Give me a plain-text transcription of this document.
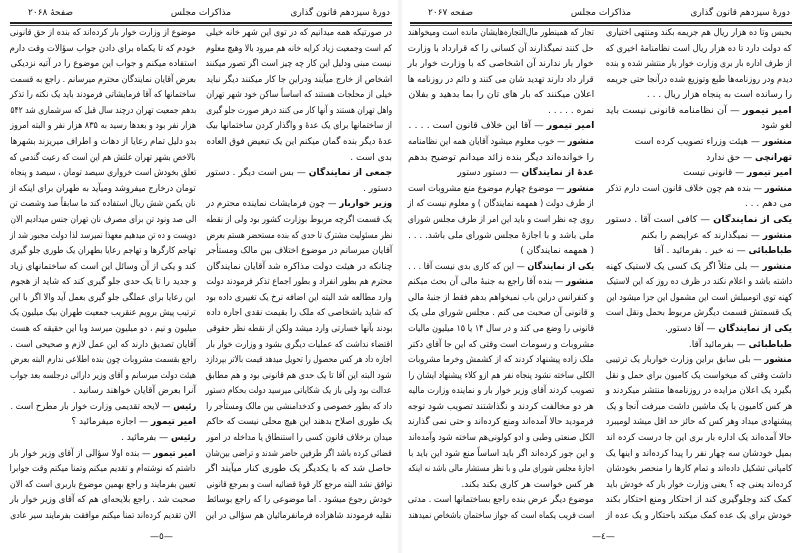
دورهٔ سیزدهم قانون گذاری
مذاکرات مجلس
صفحهٔ ۲۰۶۸
در صورتیکه همه میدانیم که در توی این شهر خانه خیلی
کم است وجمعیت زیاد کرایه خانه هم میرود بالا وهیچ معلوم
نیست مبنی ودلیل این کار چه چیز است اگر تصور میکنند
اشخاص از خارج میآیند ودراین جا کار میکنند دیگر نباید
خیلی از محلجات هستند که اساساً ساکن خود شهر تهران
واهل تهران هستند و آنها کار می کنند درهر صورت جلو گیری
از ساختمانها برای یک عدهٔ و واگذار کردن ساختمانها بیک
عدهٔ دیگر بنده گمان میکنم این یک تبعیض فوق العاده
بدی است .
جمعی از نمایندگان — بس است دیگر . دستور
دستور .
وزیر خواربار — چون فرمایشات نماینده محترم در
یک قسمت اگرچه مربوط بوزارت کشور بود ولی از نقطه
نظر مسئولیت مشترک تا حدی که بنده مستحضر هستم بعرض
آقایان میرسانم در موضوع اختلاف بین مالک ومستأجر
چنانکه در هیئت دولت مذاکره شد آقایان نمایندگان
محترم هم بطور انفراد و بطور اجماع تذکر فرمودند دولت
وارد مطالعه شد البته این اضافه نرخ یک تغییری داده بود
که شاید باشخاصی که ملک را بقیمت نقدی اجاره داده
بودند بآنها خسارتی وارد میشد ولکن از نقطه نظر حقوقی
اقتضاء نداشت که عملیات دیگری بشود و وزارت خوار بار
اجازه داد هر کس محصول را تحویل میدهد قیمت بالاتر بپردازد
شود البته این آقا تا یک حدی هم قانونی بود و هم مطابق
عدالت بود ولی باز یک شکایاتی میرسید دولت بحکام دستور
داد که بطور خصوصی و کدخدامنشی بین مالک ومستأجر را
یک طوری اصلاح بدهند این هیچ محلی نیست که حاکم
میدان برخلاف قانون کسی را استنطاق یا مداخله در امور
قضائی کرده باشد اگر طرفین حاضر شدند و تراضی بین‌شان
حاصل شد که با یکدیگر یک طوری کنار میآیند اگر
توافق نشد البته مرجع کار قوهٔ قضائیه است و بمرجع قانونی
خودش رجوع میشود . اما موضوعی را که راجع بوسائط
نقلیه فرمودند شاهزاده فرمانفرمائیان هم سؤالی در این
موضوع از وزارت خوار بار کرده‌اند که بنده از حق قانونی
خودم که تا یکماه برای دادن جواب سؤالات وقت دارم
استفاده میکنم و جواب این موضوع را در آتیه نزدیکی
بعرض آقایان نمایندگان محترم میرسانم . راجع به قسمت
ساختمانها که آقا فرمایشاتی فرمودند باید یک نکته را تذکر
بدهم جمعیت تهران درچند سال قبل که سرشماری شد ۵۴۲
هزار نفر بود و بعدها رسید به ۸۳۵ هزار نفر و البته امروز
بدو دلیل تمام رعایا از دهات و اطراف میریزند بشهرها
بالاخص بشهر تهران علتش هم این است که رعیت گندمی که
تعلق بخودش است خرواری سیصد تومان ، سیصد و پنجاه
تومان درخارج میفروشد ومیآید به طهران برای اینکه از
نان یکمن شش ریال استفاده کند ما سابقاً صد وشصت تن
الی صد ونود تن برای مصرف نان تهران جنس میدادیم الان
دویست و ده تن میدهیم معهذا نمیرسد لذا دولت مجبور شد از
تهاجم کارگرها و تهاجم رعایا بطهران یک طوری جلو گیری
کند و یکی از آن وسائل این است که ساختمانهای زیاد
و جدید را تا یک حدی جلو گیری کند که شاید از هجوم
این رعایا برای عملگی جلو گیری بعمل آید والا اگر با این
ترتیب پیش برویم عنقریب جمعیت طهران بیک میلیون یک
میلیون و نیم ، دو میلیون میرسد وبا این حقیقه که هست
آقایان تصدیق دارند که این عمل لازم و صحیحی است .
راجع بقسمت مشروبات چون بنده اطلاعی ندارم البته بعرض
هیئت دولت میرسانم و آقای وزیر دارائی درجلسه بعد جواب
آنرا بعرض آقایان خواهند رسانید .
رئیس — لایحه تقدیمی وزارت خوار بار مطرح است .
امیر تیمور — اجازه میفرمائید ؟
رئیس — بفرمائید .
امیر تیمور — بنده اولا سؤالی از آقای وزیر خوار بار
داشتم که نوشته‌ام و تقدیم میکنم وتمنا میکنم وقت جوابرا
تعیین بفرمایند و راجع بهمین موضوع باربری است که الان
صحبت شد . راجع بلایحه‌ای هم که آقای وزیر خوار بار
الان تقدیم کرده‌اند تمنا میکنم موافقت بفرمایند سیر عادی
—٥—
دورهٔ سیزدهم قانون گذاری
مذاکرات مجلس
صفحه ۲۰۶۷
بحبس وتا ده هزار ریال هم جریمه بکند ومنتهی اختیاری
که دولت دارد تا ده هزار ریال است نظامنامهٔ اخیری که
از طرف اداره بار بری وزارت خوار بار منتشر شده و بنده
دیدم ودر روزنامه‌ها طبع وتوزیع شده درآنجا حتی جریمه
را رسانده است به پنجاه هزار ریال . . .
امیر تیمور — آن نظامنامه قانونی نیست باید
لغو شود
منشور — هیئت وزراء تصویب کرده است
تهرانچی — حق ندارد
امیر تیمور — قانونی نیست
منشور — بنده هم چون خلاف قانون است دارم تذکر
می دهم . . .
یکی از نمایندگان — کافی است آقا . دستور
منشور — نمیگذارند که عرایضم را بکنم
طباطبائی — نه خیر . بفرمائید . آقا
منشور — بلی مثلاً اگر یک کسی یک لاستیک کهنه
داشته باشد و اعلام نکند در ظرف ده روز که این لاستیک
کهنه توی اتومبیلش است این مشمول این جزا میشود این
یک قسمتش قسمت دیگرش مربوط بحمل ونقل است
یکی از نمایندگان — آقا دستور.
طباطبائی — بفرمائید آقا.
منشور — بلی سابق براین وزارت خواربار یک ترتیبی
داشت وقتی که میخواست یک کامیون برای حمل و نقل
بگیرد یک اعلان مزایده در روزنامه‌ها منتشر میکردند و
هر کس کامیون یا یک ماشین داشت میرفت آنجا و یک
پیشنهادی میداد وهر کس که حائز حد اقل میشد لومیبرد
حالا آمده‌اند یک اداره بار بری این جا درست کرده اند
بمیل خودشان سه چهار نفر را پیدا کرده‌اند و اینها یک
کامپانی تشکیل داده‌اند و تمام کارها را منحصر بخودشان
کرده‌اند یعنی چه ؟ یعنی وزارت خوار بار که خودش باید
کمک کند وجلوگیری کند از احتکار ومنع احتکار بکند
خودش برای یک عده کمک میکند باحتکار و یک عده از
تجار که همینطور مال‌التجاره‌هایشان مانده است ومیخواهند
حل کنند نمیگذارند آن کسانی را که قرارداد با وزارت
خوار بار ندارند آن اشخاصی که با وزارت خوار بار
قرار داد دارند تهدید شان می کنند و دائم در روزنامه ها
اعلان میکنند که بار های تان را بما بدهید و بفلان
نمره . . . . .
امیر تیمور — آقا این خلاف قانون است . . . .
منشور — خوب معلوم میشود آقایان همه این نظامنامه
را خوانده‌اند دیگر بنده زائد میدانم توضیح بدهم
عدهٔ از نمایندگان — دستور دستور
منشور — موضوع چهارم موضوع منع مشروبات است
از طرف دولت ( همهمه نمایندگان ) و معلوم نیست که از
روی چه نظر است و باید این امر از طرف مجلس شورای
ملی باشد و با اجازهٔ مجلس شورای ملی باشد. . . .
( همهمه نمایندگان )
یکی از نمایندگان — این که کاری بدی نیست آقا . . .
منشور — بنده آقا راجع به جنبهٔ مالی آن بحث میکنم
و کنفرانس دراین باب نمیخواهم بدهم فقط از جنبهٔ مالی
و قانونی آن صحبت می کنم . مجلس شورای ملی یک
قانونی را وضع می کند و در سال ۱۴ یا ۱۵ میلیون مالیات
مشروبات و رسومات است وقتی که این جا آقای دکتر
ملک زاده پیشنهاد کردند که از کشمش وخرما مشروبات
الکلی ساخته نشود پنجاه نفر هم ازو کلاء پیشنهاد ایشان را
تصویب کردند آقای وزیر خوار بار و نماینده وزارت مالیه
هر دو مخالفت کردند و نگذاشتند تصویب شود توجه
فرمودید حالا آمده‌اند ومنع کرده‌اند و حتی نمی گذارند
الکل صنعتی وطبی و ادو کولونی‌هم ساخته شود وآمده‌اند
و این جور کرده‌اند اگر باید اساساً منع شود این باید با
اجازهٔ مجلس شورای ملی و با نظر مستشار مالی باشد نه اینکه
هر کس خواست هر کاری بکند بکند.
موضوع دیگر عرض بنده راجع بساختمانها است . مدتی
است قریب یکماه است که جواز ساختمان باشخاص نمیدهند
—٤—
